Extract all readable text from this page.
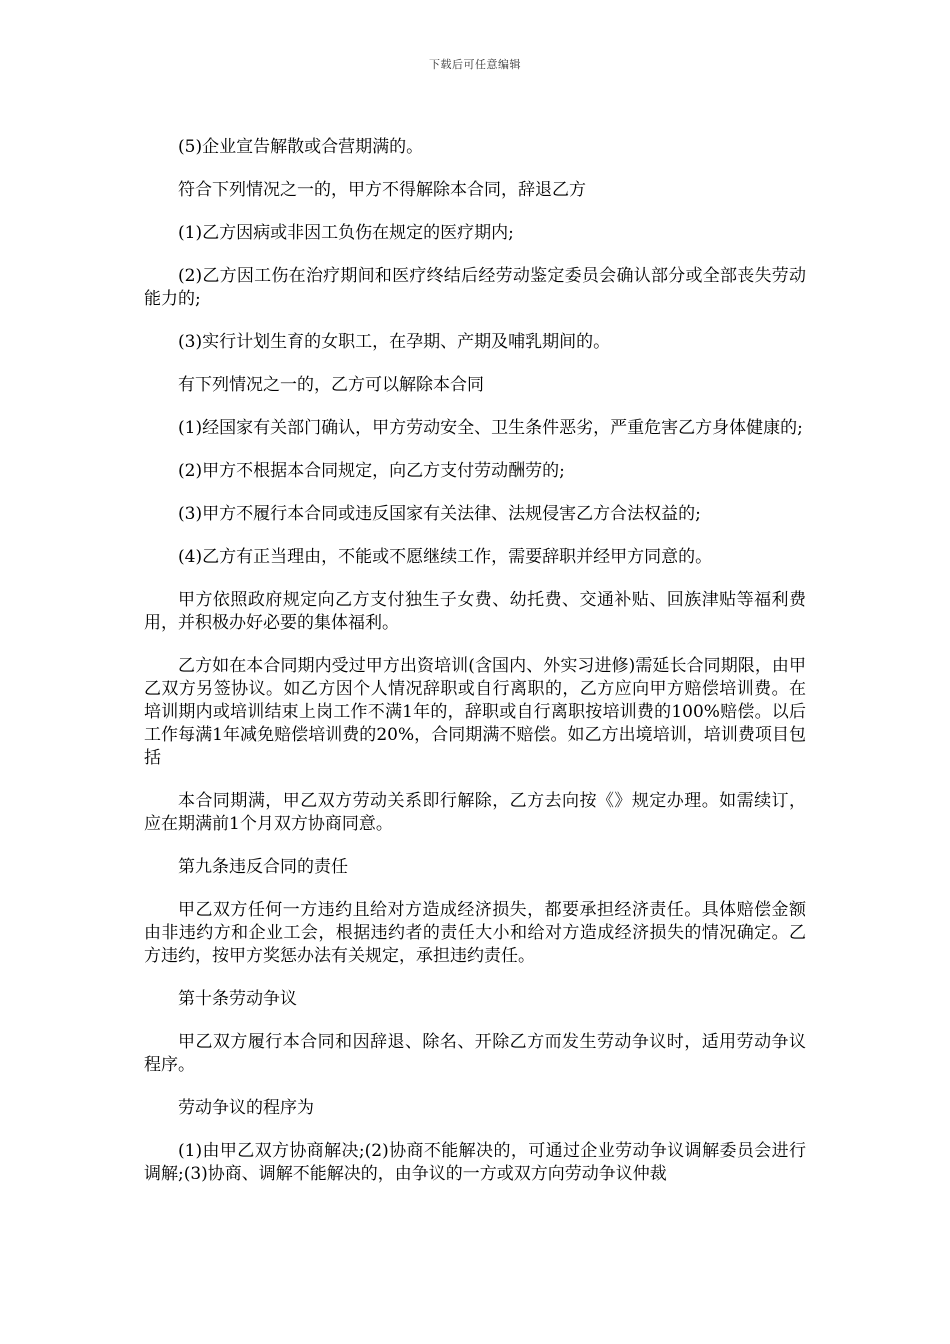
下载后可任意编辑

(5)企业宣告解散或合营期满的。

符合下列情况之一的，甲方不得解除本合同，辞退乙方

(1)乙方因病或非因工负伤在规定的医疗期内;

(2)乙方因工伤在治疗期间和医疗终结后经劳动鉴定委员会确认部分或全部丧失劳动能力的;

(3)实行计划生育的女职工，在孕期、产期及哺乳期间的。

有下列情况之一的，乙方可以解除本合同

(1)经国家有关部门确认，甲方劳动安全、卫生条件恶劣，严重危害乙方身体健康的;

(2)甲方不根据本合同规定，向乙方支付劳动酬劳的;

(3)甲方不履行本合同或违反国家有关法律、法规侵害乙方合法权益的;

(4)乙方有正当理由，不能或不愿继续工作，需要辞职并经甲方同意的。

甲方依照政府规定向乙方支付独生子女费、幼托费、交通补贴、回族津贴等福利费用，并积极办好必要的集体福利。

乙方如在本合同期内受过甲方出资培训(含国内、外实习进修)需延长合同期限，由甲乙双方另签协议。如乙方因个人情况辞职或自行离职的，乙方应向甲方赔偿培训费。在培训期内或培训结束上岗工作不满1年的，辞职或自行离职按培训费的100%赔偿。以后工作每满1年减免赔偿培训费的20%，合同期满不赔偿。如乙方出境培训，培训费项目包括

本合同期满，甲乙双方劳动关系即行解除，乙方去向按《》规定办理。如需续订，应在期满前1个月双方协商同意。

第九条违反合同的责任

甲乙双方任何一方违约且给对方造成经济损失，都要承担经济责任。具体赔偿金额由非违约方和企业工会，根据违约者的责任大小和给对方造成经济损失的情况确定。乙方违约，按甲方奖惩办法有关规定，承担违约责任。

第十条劳动争议

甲乙双方履行本合同和因辞退、除名、开除乙方而发生劳动争议时，适用劳动争议程序。

劳动争议的程序为

(1)由甲乙双方协商解决;(2)协商不能解决的，可通过企业劳动争议调解委员会进行调解;(3)协商、调解不能解决的，由争议的一方或双方向劳动争议仲裁
